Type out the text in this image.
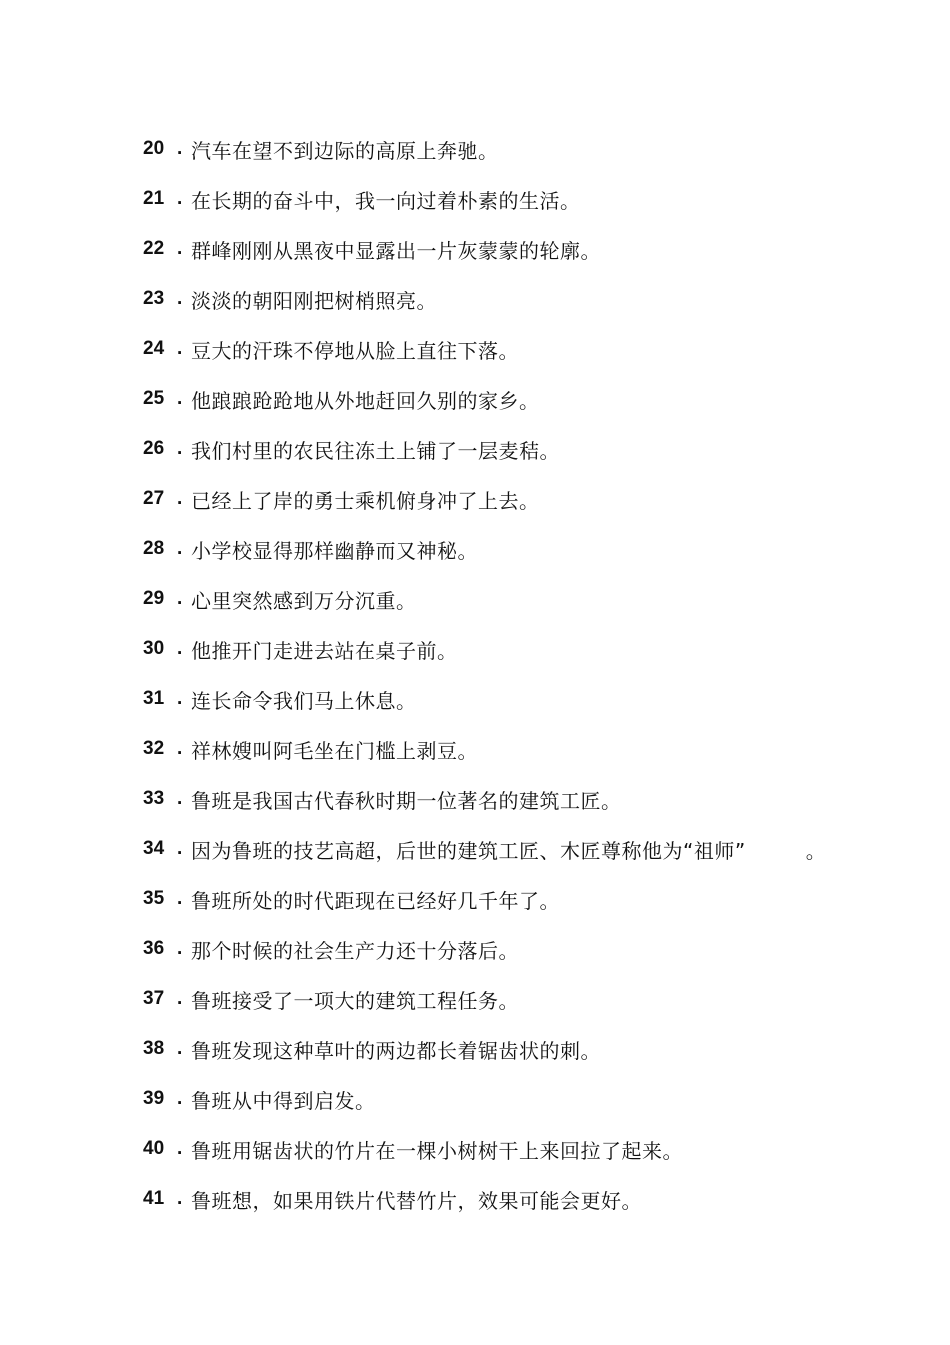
20 . 汽车在望不到边际的高原上奔驰。
21 . 在长期的奋斗中，我一向过着朴素的生活。
22 . 群峰刚刚从黑夜中显露出一片灰蒙蒙的轮廓。
23 . 淡淡的朝阳刚把树梢照亮。
24 . 豆大的汗珠不停地从脸上直往下落。
25 . 他踉踉跄跄地从外地赶回久别的家乡。
26 . 我们村里的农民往冻土上铺了一层麦秸。
27 . 已经上了岸的勇士乘机俯身冲了上去。
28 . 小学校显得那样幽静而又神秘。
29 . 心里突然感到万分沉重。
30 . 他推开门走进去站在桌子前。
31 . 连长命令我们马上休息。
32 . 祥林嫂叫阿毛坐在门槛上剥豆。
33 . 鲁班是我国古代春秋时期一位著名的建筑工匠。
34 . 因为鲁班的技艺高超，后世的建筑工匠、木匠尊称他为“祖师”	。
35 . 鲁班所处的时代距现在已经好几千年了。
36 . 那个时候的社会生产力还十分落后。
37 . 鲁班接受了一项大的建筑工程任务。
38 . 鲁班发现这种草叶的两边都长着锯齿状的刺。
39 . 鲁班从中得到启发。
40 . 鲁班用锯齿状的竹片在一棵小树树干上来回拉了起来。
41 . 鲁班想，如果用铁片代替竹片，效果可能会更好。
